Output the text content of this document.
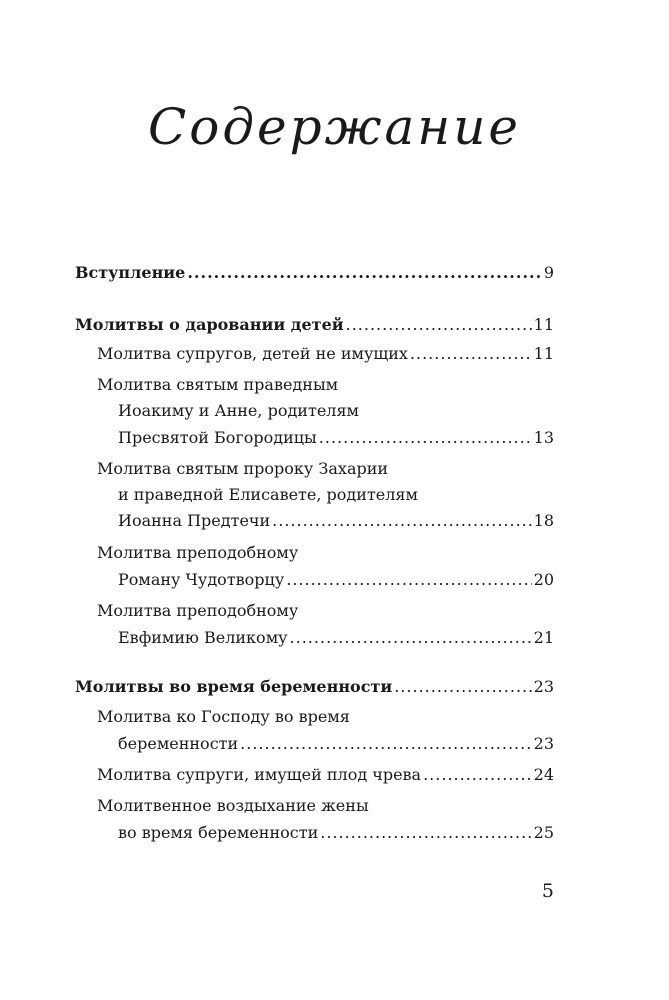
Содержание
Вступление .....	9
Молитвы о даровании детей .....	11
Молитва супругов, детей не имущих .....	11
Молитва святым праведным
Иоакиму и Анне, родителям
Пресвятой Богородицы .....	13
Молитва святым пророку Захарии
и праведной Елисавете, родителям
Иоанна Предтечи .....	18
Молитва преподобному
Роману Чудотворцу .....	20
Молитва преподобному
Евфимию Великому .....	21
Молитвы во время беременности .....	23
Молитва ко Господу во время
беременности .....	23
Молитва супруги, имущей плод чрева .....	24
Молитвенное воздыхание жены
во время беременности .....	25
5
